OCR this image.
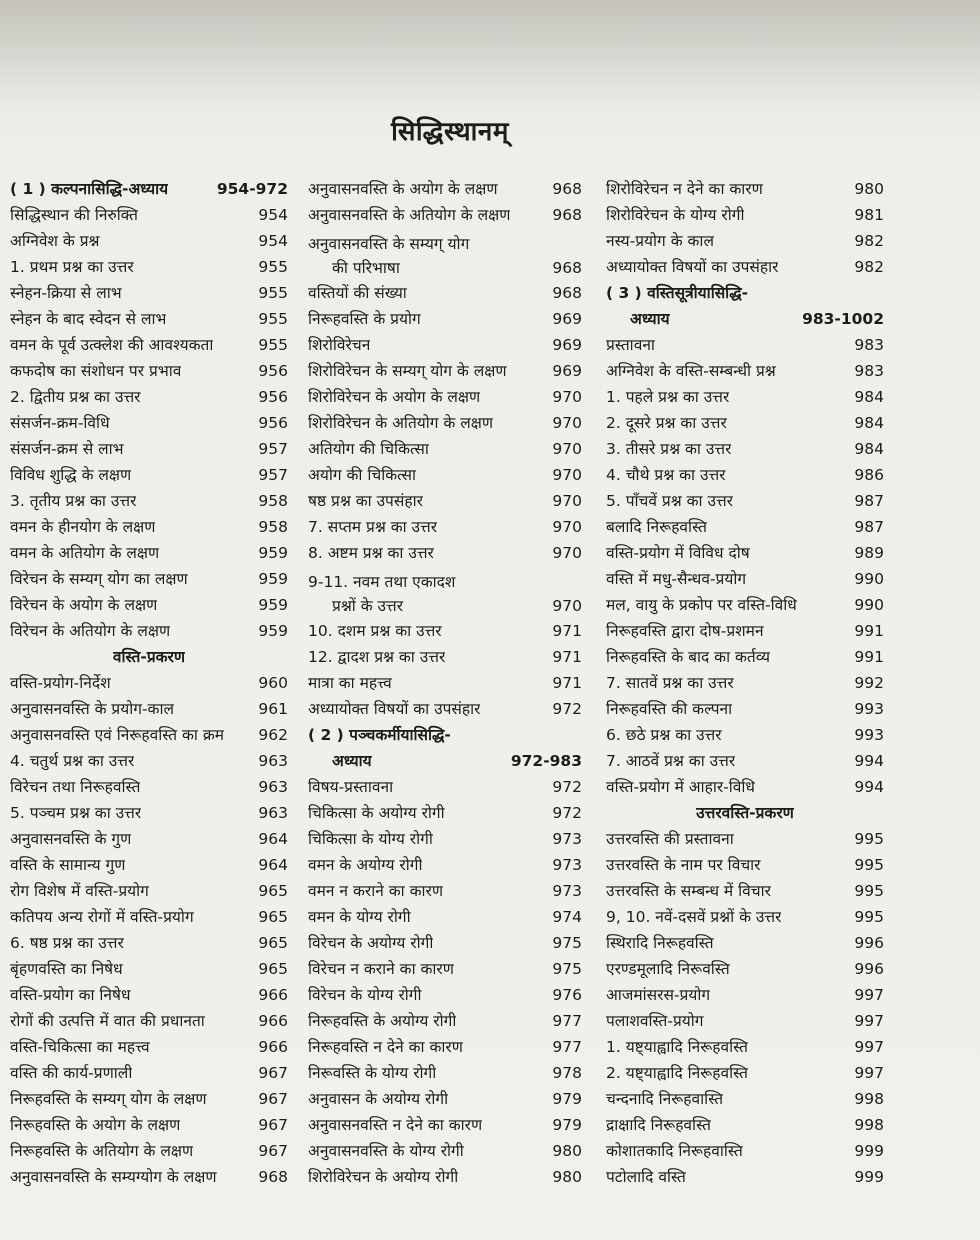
सिद्धिस्थानम्
( 1 ) कल्पनासिद्धि-अध्याय	954-972
सिद्धिस्थान की निरुक्ति	954
अग्निवेश के प्रश्न	954
1. प्रथम प्रश्न का उत्तर	955
स्नेहन-क्रिया से लाभ	955
स्नेहन के बाद स्वेदन से लाभ	955
वमन के पूर्व उत्क्लेश की आवश्यकता	955
कफदोष का संशोधन पर प्रभाव	956
2. द्वितीय प्रश्न का उत्तर	956
संसर्जन-क्रम-विधि	956
संसर्जन-क्रम से लाभ	957
विविध शुद्धि के लक्षण	957
3. तृतीय प्रश्न का उत्तर	958
वमन के हीनयोग के लक्षण	958
वमन के अतियोग के लक्षण	959
विरेचन के सम्यग् योग का लक्षण	959
विरेचन के अयोग के लक्षण	959
विरेचन के अतियोग के लक्षण	959
वस्ति-प्रकरण
वस्ति-प्रयोग-निर्देश	960
अनुवासनवस्ति के प्रयोग-काल	961
अनुवासनवस्ति एवं निरूहवस्ति का क्रम 962
4. चतुर्थ प्रश्न का उत्तर	963
विरेचन तथा निरूहवस्ति	963
5. पञ्चम प्रश्न का उत्तर	963
अनुवासनवस्ति के गुण	964
वस्ति के सामान्य गुण	964
रोग विशेष में वस्ति-प्रयोग	965
कतिपय अन्य रोगों में वस्ति-प्रयोग	965
6. षष्ठ प्रश्न का उत्तर	965
बृंहणवस्ति का निषेध	965
वस्ति-प्रयोग का निषेध	966
रोगों की उत्पत्ति में वात की प्रधानता	966
वस्ति-चिकित्सा का महत्त्व	966
वस्ति की कार्य-प्रणाली	967
निरूहवस्ति के सम्यग् योग के लक्षण	967
निरूहवस्ति के अयोग के लक्षण	967
निरूहवस्ति के अतियोग के लक्षण	967
अनुवासनवस्ति के सम्यग्योग के लक्षण	968
अनुवासनवस्ति के अयोग के लक्षण	968
अनुवासनवस्ति के अतियोग के लक्षण	968
अनुवासनवस्ति के सम्यग् योग
की परिभाषा	968
वस्तियों की संख्या	968
निरूहवस्ति के प्रयोग	969
शिरोविरेचन	969
शिरोविरेचन के सम्यग् योग के लक्षण	969
शिरोविरेचन के अयोग के लक्षण	970
शिरोविरेचन के अतियोग के लक्षण	970
अतियोग की चिकित्सा	970
अयोग की चिकित्सा	970
षष्ठ प्रश्न का उपसंहार	970
7. सप्तम प्रश्न का उत्तर	970
8. अष्टम प्रश्न का उत्तर	970
9-11. नवम तथा एकादश
प्रश्नों के उत्तर	970
10. दशम प्रश्न का उत्तर	971
12. द्वादश प्रश्न का उत्तर	971
मात्रा का महत्त्व	971
अध्यायोक्त विषयों का उपसंहार	972
( 2 ) पञ्चकर्मीयासिद्धि-
अध्याय	972-983
विषय-प्रस्तावना	972
चिकित्सा के अयोग्य रोगी	972
चिकित्सा के योग्य रोगी	973
वमन के अयोग्य रोगी	973
वमन न कराने का कारण	973
वमन के योग्य रोगी	974
विरेचन के अयोग्य रोगी	975
विरेचन न कराने का कारण	975
विरेचन के योग्य रोगी	976
निरूहवस्ति के अयोग्य रोगी	977
निरूहवस्ति न देने का कारण	977
निरूवस्ति के योग्य रोगी	978
अनुवासन के अयोग्य रोगी	979
अनुवासनवस्ति न देने का कारण	979
अनुवासनवस्ति के योग्य रोगी	980
शिरोविरेचन के अयोग्य रोगी	980
शिरोविरेचन न देने का कारण	980
शिरोविरेचन के योग्य रोगी	981
नस्य-प्रयोग के काल	982
अध्यायोक्त विषयों का उपसंहार	982
( 3 ) वस्तिसूत्रीयासिद्धि-
अध्याय	983-1002
प्रस्तावना	983
अग्निवेश के वस्ति-सम्बन्धी प्रश्न	983
1. पहले प्रश्न का उत्तर	984
2. दूसरे प्रश्न का उत्तर	984
3. तीसरे प्रश्न का उत्तर	984
4. चौथे प्रश्न का उत्तर	986
5. पाँचवें प्रश्न का उत्तर	987
बलादि निरूहवस्ति	987
वस्ति-प्रयोग में विविध दोष	989
वस्ति में मधु-सैन्धव-प्रयोग	990
मल, वायु के प्रकोप पर वस्ति-विधि	990
निरूहवस्ति द्वारा दोष-प्रशमन	991
निरूहवस्ति के बाद का कर्तव्य	991
7. सातवें प्रश्न का उत्तर	992
निरूहवस्ति की कल्पना	993
6. छठे प्रश्न का उत्तर	993
7. आठवें प्रश्न का उत्तर	994
वस्ति-प्रयोग में आहार-विधि	994
उत्तरवस्ति-प्रकरण
उत्तरवस्ति की प्रस्तावना	995
उत्तरवस्ति के नाम पर विचार	995
उत्तरवस्ति के सम्बन्ध में विचार	995
9, 10. नवें-दसवें प्रश्नों के उत्तर	995
स्थिरादि निरूहवस्ति	996
एरण्डमूलादि निरूवस्ति	996
आजमांसरस-प्रयोग	997
पलाशवस्ति-प्रयोग	997
1. यष्ट्याह्वादि निरूहवस्ति	997
2. यष्ट्याह्वादि निरूहवस्ति	997
चन्दनादि निरूहवास्ति	998
द्राक्षादि निरूहवस्ति	998
कोशातकादि निरूहवास्ति	999
पटोलादि वस्ति	999
